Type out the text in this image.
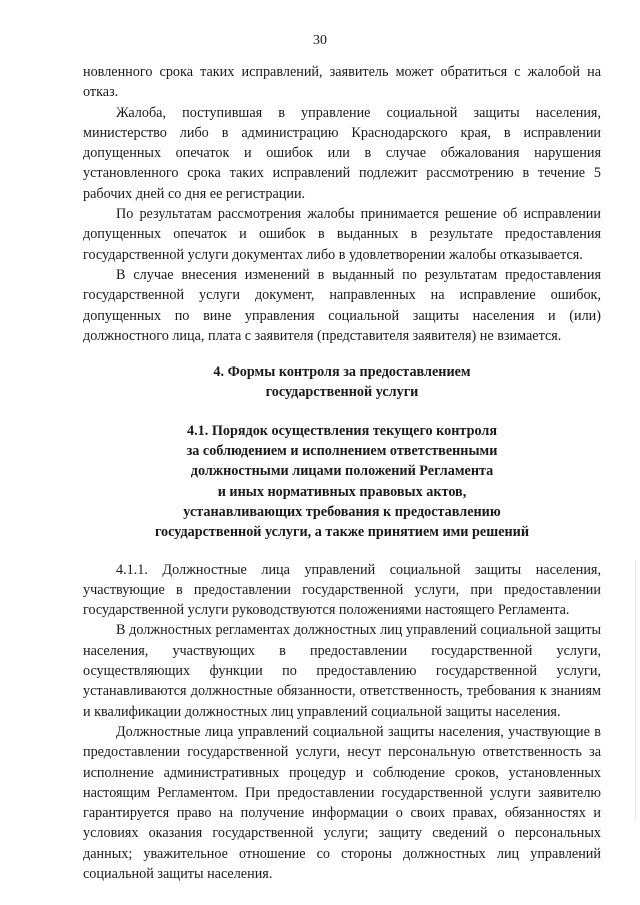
30

новленного срока таких исправлений, заявитель может обратиться с жалобой на отказ.

Жалоба, поступившая в управление социальной защиты населения, министерство либо в администрацию Краснодарского края, в исправлении допущенных опечаток и ошибок или в случае обжалования нарушения установленного срока таких исправлений подлежит рассмотрению в течение 5 рабочих дней со дня ее регистрации.

По результатам рассмотрения жалобы принимается решение об исправлении допущенных опечаток и ошибок в выданных в результате предоставления государственной услуги документах либо в удовлетворении жалобы отказывается.

В случае внесения изменений в выданный по результатам предоставления государственной услуги документ, направленных на исправление ошибок, допущенных по вине управления социальной защиты населения и (или) должностного лица, плата с заявителя (представителя заявителя) не взимается.

4. Формы контроля за предоставлением
государственной услуги
4.1. Порядок осуществления текущего контроля
за соблюдением и исполнением ответственными
должностными лицами положений Регламента
и иных нормативных правовых актов,
устанавливающих требования к предоставлению
государственной услуги, а также принятием ими решений

4.1.1. Должностные лица управлений социальной защиты населения, участвующие в предоставлении государственной услуги, при предоставлении государственной услуги руководствуются положениями настоящего Регламента.

В должностных регламентах должностных лиц управлений социальной защиты населения, участвующих в предоставлении государственной услуги, осуществляющих функции по предоставлению государственной услуги, устанавливаются должностные обязанности, ответственность, требования к знаниям и квалификации должностных лиц управлений социальной защиты населения.

Должностные лица управлений социальной защиты населения, участвующие в предоставлении государственной услуги, несут персональную ответственность за исполнение административных процедур и соблюдение сроков, установленных настоящим Регламентом. При предоставлении государственной услуги заявителю гарантируется право на получение информации о своих правах, обязанностях и условиях оказания государственной услуги; защиту сведений о персональных данных; уважительное отношение со стороны должностных лиц управлений социальной защиты населения.
